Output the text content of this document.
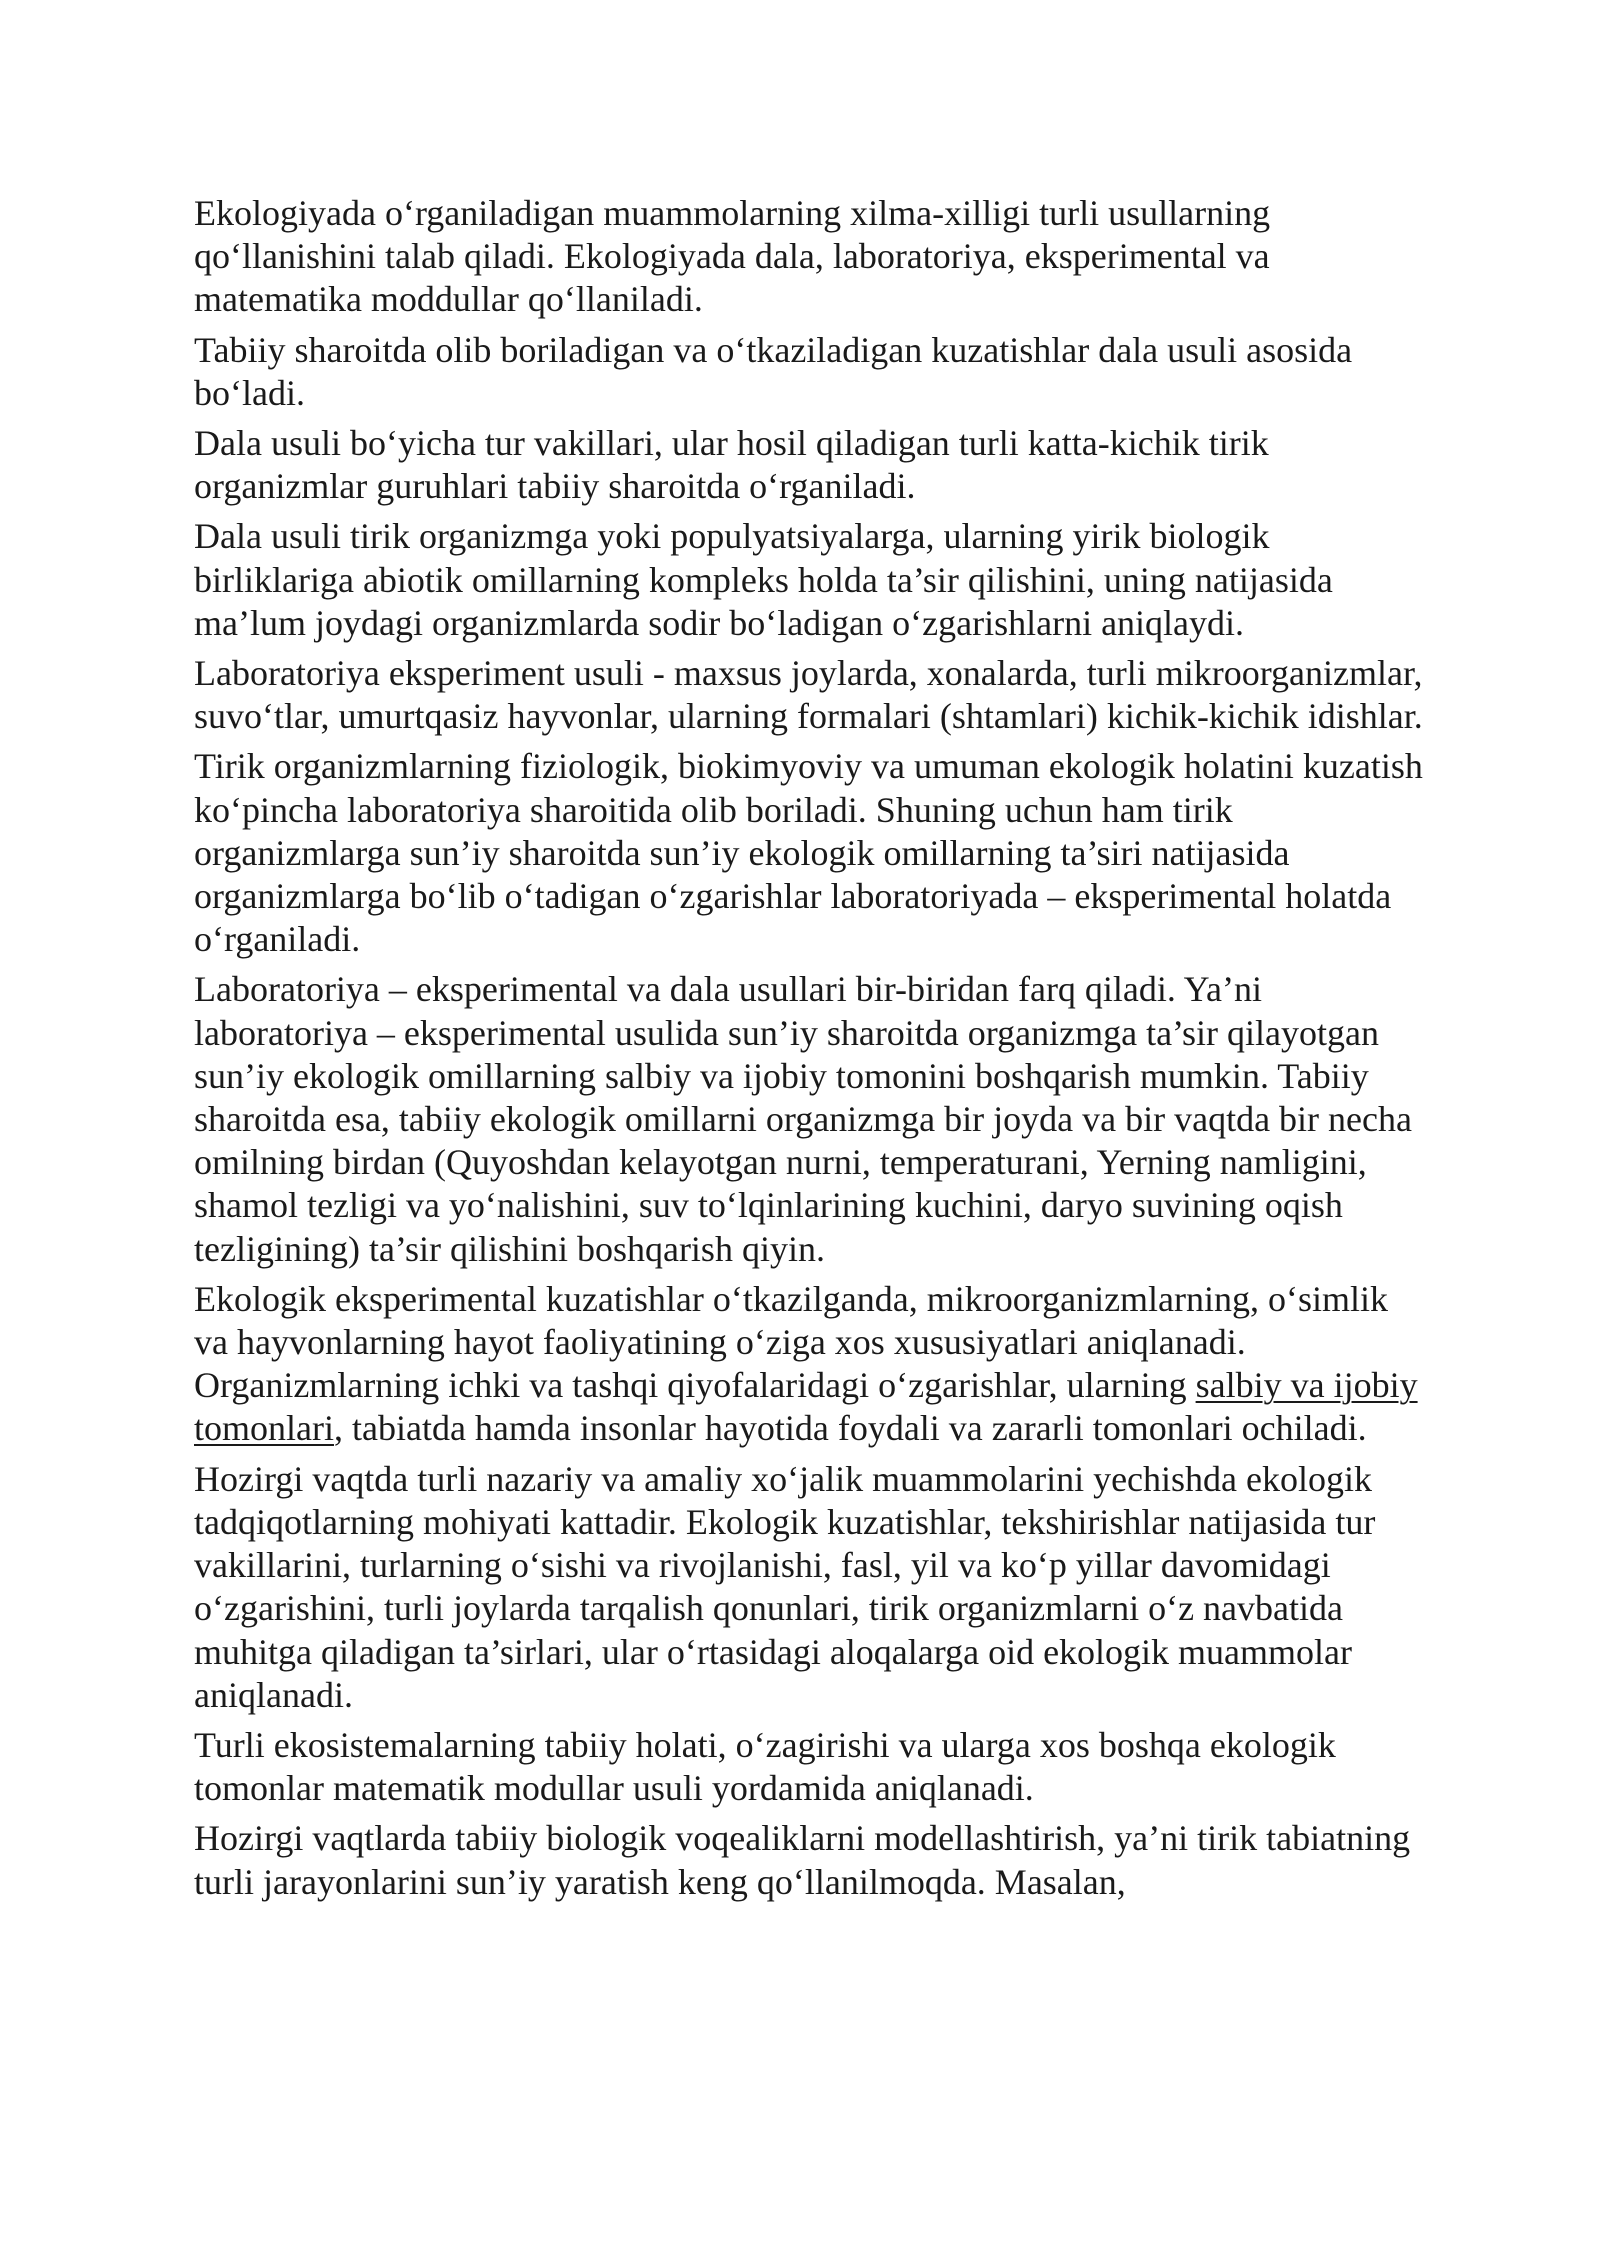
Ekologiyada o‘rganiladigan muammolarning xilma-xilligi turli usullarning qo‘llanishini talab qiladi. Ekologiyada dala, laboratoriya, eksperimental va matematika moddullar qo‘llaniladi.

Tabiiy sharoitda olib boriladigan va o‘tkaziladigan kuzatishlar dala usuli asosida bo‘ladi.

Dala usuli bo‘yicha tur vakillari, ular hosil qiladigan turli katta-kichik tirik organizmlar guruhlari tabiiy sharoitda o‘rganiladi.

Dala usuli tirik organizmga yoki populyatsiyalarga, ularning yirik biologik birliklariga abiotik omillarning kompleks holda ta’sir qilishini, uning natijasida ma’lum joydagi organizmlarda sodir bo‘ladigan o‘zgarishlarni aniqlaydi.

Laboratoriya eksperiment usuli - maxsus joylarda, xonalarda, turli mikroorganizmlar, suvo‘tlar, umurtqasiz hayvonlar, ularning formalari (shtamlari) kichik-kichik idishlar.

Tirik organizmlarning fiziologik, biokimyoviy va umuman ekologik holatini kuzatish ko‘pincha laboratoriya sharoitida olib boriladi. Shuning uchun ham tirik organizmlarga sun’iy sharoitda sun’iy ekologik omillarning ta’siri natijasida organizmlarga bo‘lib o‘tadigan o‘zgarishlar laboratoriyada – eksperimental holatda o‘rganiladi.

Laboratoriya – eksperimental va dala usullari bir-biridan farq qiladi. Ya’ni laboratoriya – eksperimental usulida sun’iy sharoitda organizmga ta’sir qilayotgan sun’iy ekologik omillarning salbiy va ijobiy tomonini boshqarish mumkin. Tabiiy sharoitda esa, tabiiy ekologik omillarni organizmga bir joyda va bir vaqtda bir necha omilning birdan (Quyoshdan kelayotgan nurni, temperaturani, Yerning namligini, shamol tezligi va yo‘nalishini, suv to‘lqinlarining kuchini, daryo suvining oqish tezligining) ta’sir qilishini boshqarish qiyin.

Ekologik eksperimental kuzatishlar o‘tkazilganda, mikroorganizmlarning, o‘simlik va hayvonlarning hayot faoliyatining o‘ziga xos xususiyatlari aniqlanadi. Organizmlarning ichki va tashqi qiyofalaridagi o‘zgarishlar, ularning salbiy va ijobiy tomonlari, tabiatda hamda insonlar hayotida foydali va zararli tomonlari ochiladi.

Hozirgi vaqtda turli nazariy va amaliy xo‘jalik muammolarini yechishda ekologik tadqiqotlarning mohiyati kattadir. Ekologik kuzatishlar, tekshirishlar natijasida tur vakillarini, turlarning o‘sishi va rivojlanishi, fasl, yil va ko‘p yillar davomidagi o‘zgarishini, turli joylarda tarqalish qonunlari, tirik organizmlarni o‘z navbatida muhitga qiladigan ta’sirlari, ular o‘rtasidagi aloqalarga oid ekologik muammolar aniqlanadi.

Turli ekosistemalarning tabiiy holati, o‘zagirishi va ularga xos boshqa ekologik tomonlar matematik modullar usuli yordamida aniqlanadi.

Hozirgi vaqtlarda tabiiy biologik voqealiklarni modellashtirish, ya’ni tirik tabiatning turli jarayonlarini sun’iy yaratish keng qo‘llanilmoqda. Masalan,
